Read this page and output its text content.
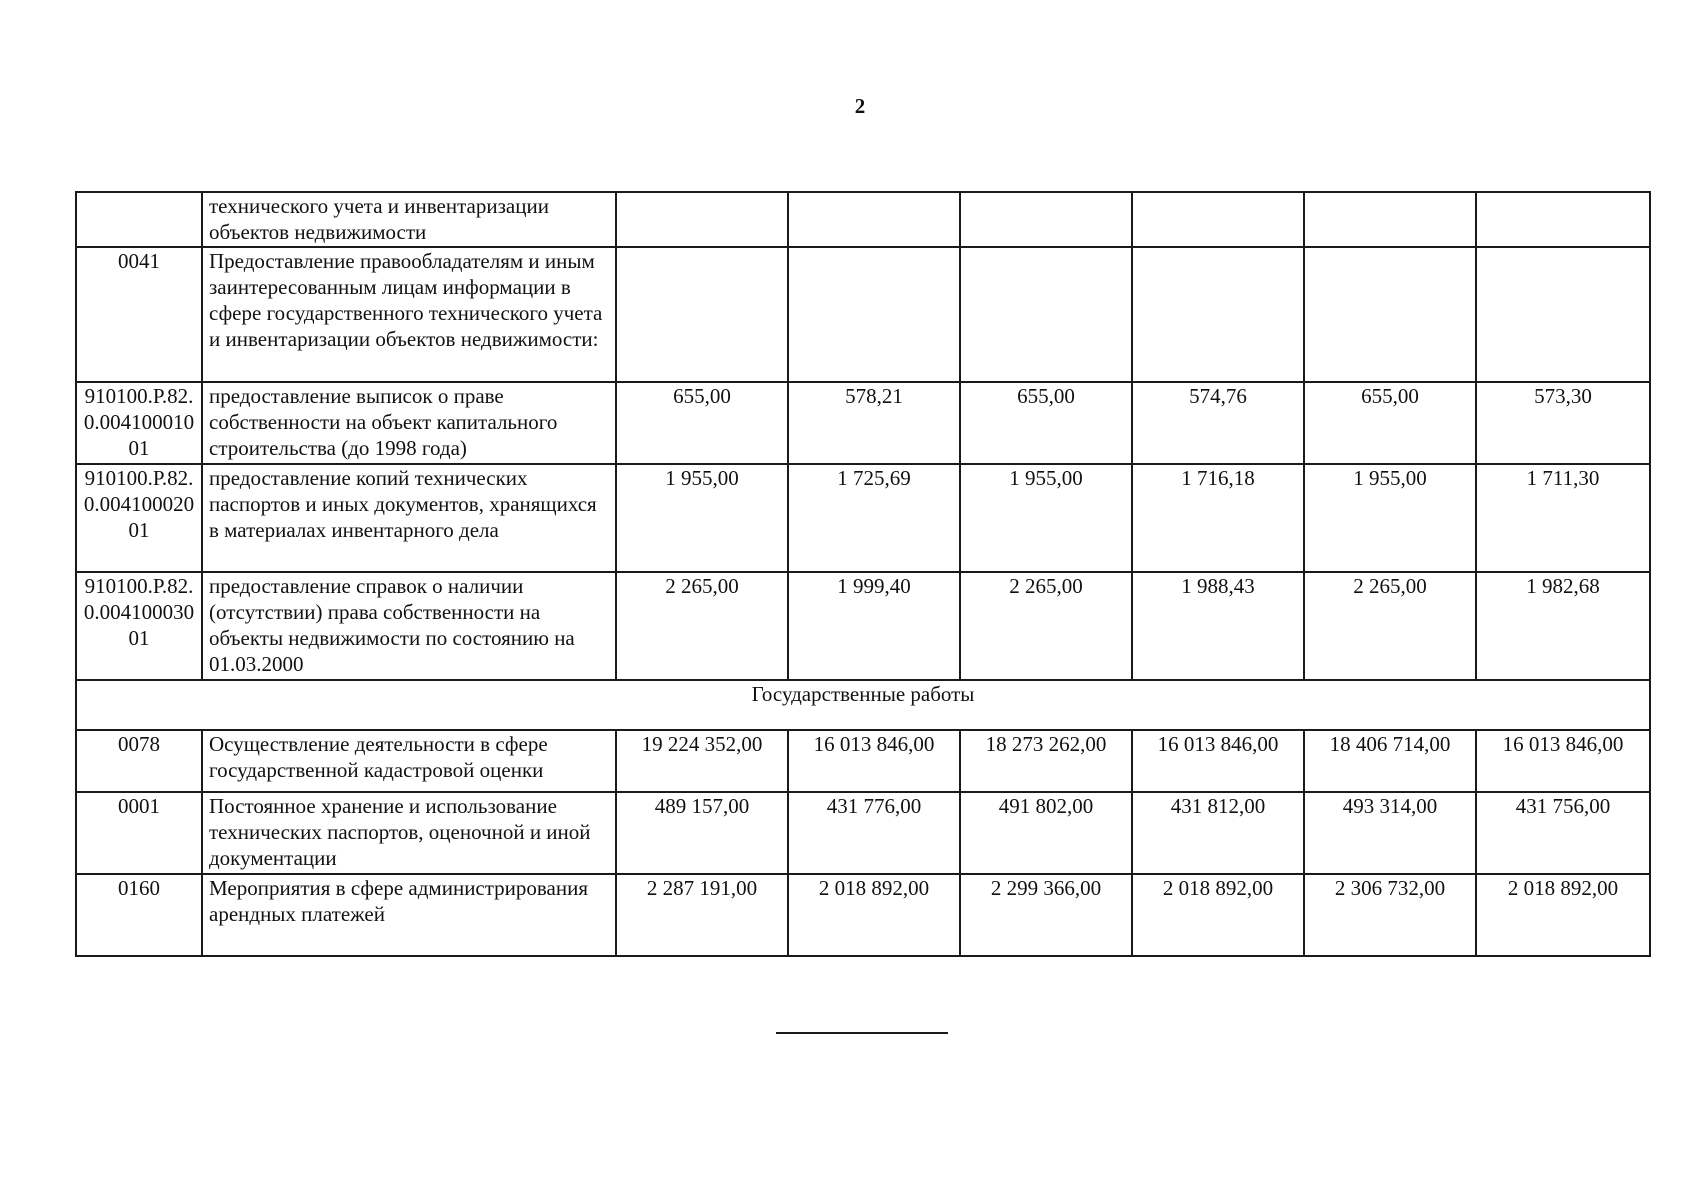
2
	технического учета и инвентаризации объектов недвижимости						
0041	Предоставление правообладателям и иным заинтересованным лицам информации в сфере государственного технического учета и инвентаризации объектов недвижимости:						
910100.Р.82.0.00410001001	предоставление выписок о праве собственности на объект капитального строительства (до 1998 года)	655,00	578,21	655,00	574,76	655,00	573,30
910100.Р.82.0.00410002001	предоставление копий технических паспортов и иных документов, хранящихся в материалах инвентарного дела	1 955,00	1 725,69	1 955,00	1 716,18	1 955,00	1 711,30
910100.Р.82.0.00410003001	предоставление справок о наличии (отсутствии) права собственности на объекты недвижимости по состоянию на 01.03.2000	2 265,00	1 999,40	2 265,00	1 988,43	2 265,00	1 982,68
Государственные работы							
0078	Осуществление деятельности в сфере государственной кадастровой оценки	19 224 352,00	16 013 846,00	18 273 262,00	16 013 846,00	18 406 714,00	16 013 846,00
0001	Постоянное хранение и использование технических паспортов, оценочной и иной документации	489 157,00	431 776,00	491 802,00	431 812,00	493 314,00	431 756,00
0160	Мероприятия в сфере администрирования арендных платежей	2 287 191,00	2 018 892,00	2 299 366,00	2 018 892,00	2 306 732,00	2 018 892,00
